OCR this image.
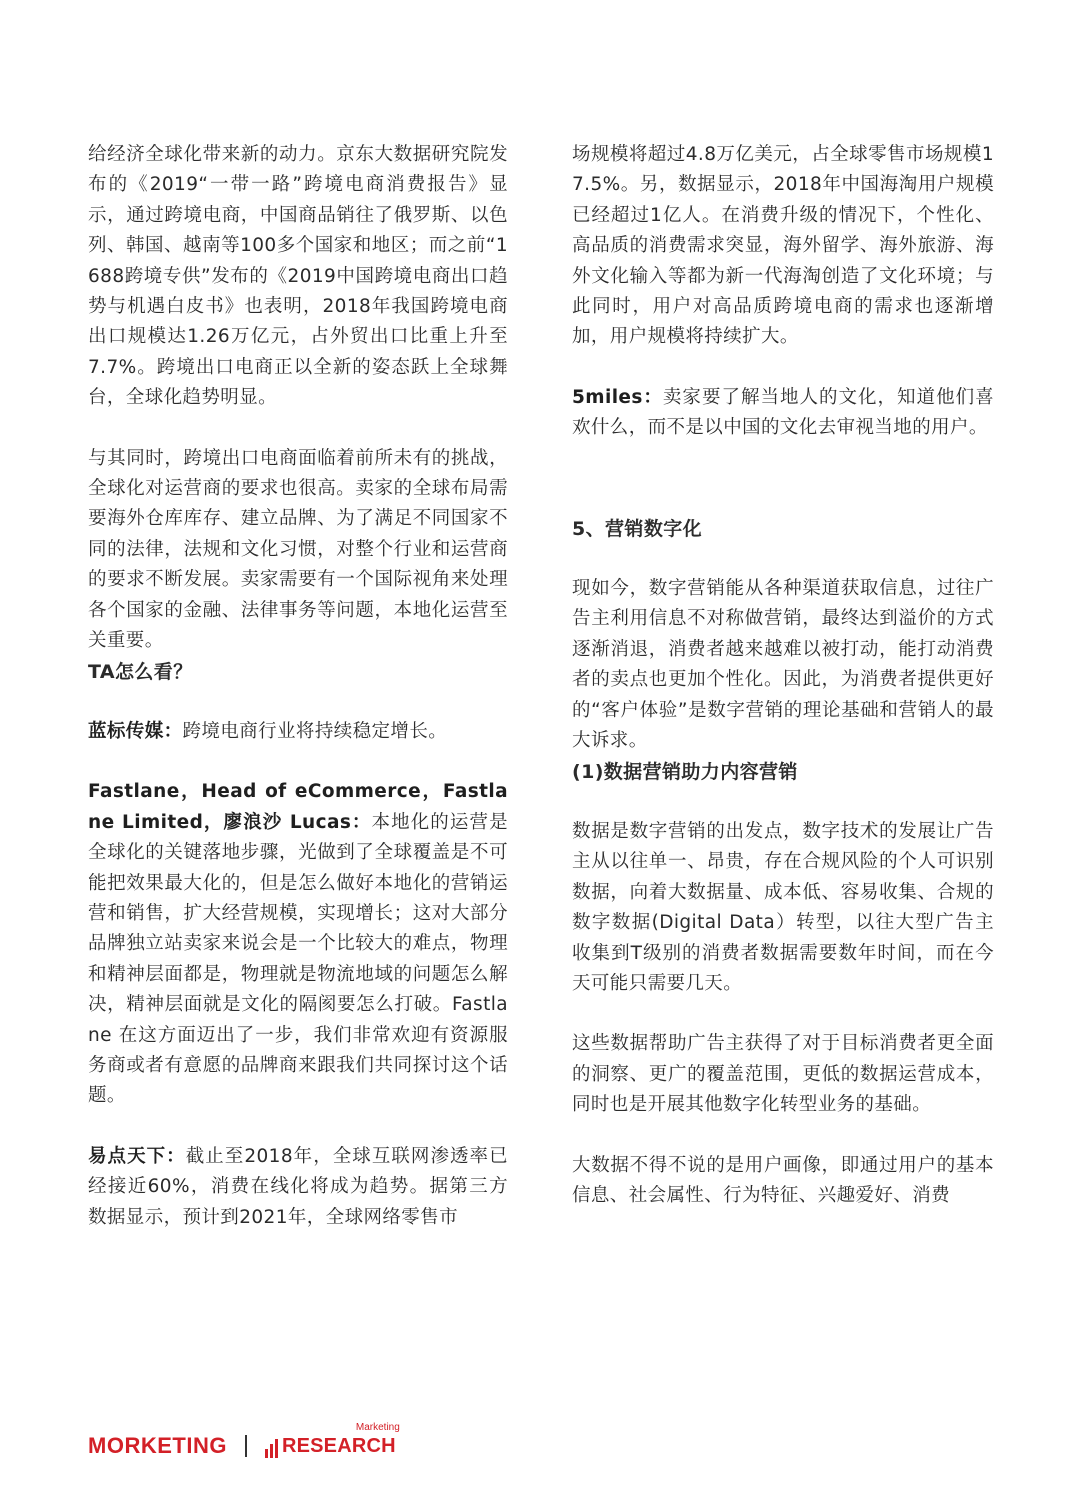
给经济全球化带来新的动力。京东大数据研究院发布的《2019“一带一路”跨境电商消费报告》显示，通过跨境电商，中国商品销往了俄罗斯、以色列、韩国、越南等100多个国家和地区；而之前“1688跨境专供”发布的《2019中国跨境电商出口趋势与机遇白皮书》也表明，2018年我国跨境电商出口规模达1.26万亿元，占外贸出口比重上升至7.7%。跨境出口电商正以全新的姿态跃上全球舞台，全球化趋势明显。

与其同时，跨境出口电商面临着前所未有的挑战，全球化对运营商的要求也很高。卖家的全球布局需要海外仓库库存、建立品牌、为了满足不同国家不同的法律，法规和文化习惯，对整个行业和运营商的要求不断发展。卖家需要有一个国际视角来处理各个国家的金融、法律事务等问题，本地化运营至关重要。

TA怎么看？

蓝标传媒：跨境电商行业将持续稳定增长。

Fastlane，Head of eCommerce，Fastlane Limited，廖浪沙 Lucas：本地化的运营是全球化的关键落地步骤，光做到了全球覆盖是不可能把效果最大化的，但是怎么做好本地化的营销运营和销售，扩大经营规模，实现增长；这对大部分品牌独立站卖家来说会是一个比较大的难点，物理和精神层面都是，物理就是物流地域的问题怎么解决，精神层面就是文化的隔阂要怎么打破。Fastlane 在这方面迈出了一步，我们非常欢迎有资源服务商或者有意愿的品牌商来跟我们共同探讨这个话题。

易点天下：截止至2018年，全球互联网渗透率已经接近60%，消费在线化将成为趋势。据第三方数据显示，预计到2021年，全球网络零售市

场规模将超过4.8万亿美元，占全球零售市场规模17.5%。另，数据显示，2018年中国海淘用户规模已经超过1亿人。在消费升级的情况下，个性化、高品质的消费需求突显，海外留学、海外旅游、海外文化输入等都为新一代海淘创造了文化环境；与此同时，用户对高品质跨境电商的需求也逐渐增加，用户规模将持续扩大。

5miles：卖家要了解当地人的文化，知道他们喜欢什么，而不是以中国的文化去审视当地的用户。

5、营销数字化

现如今，数字营销能从各种渠道获取信息，过往广告主利用信息不对称做营销，最终达到溢价的方式逐渐消退，消费者越来越难以被打动，能打动消费者的卖点也更加个性化。因此，为消费者提供更好的“客户体验”是数字营销的理论基础和营销人的最大诉求。

(1)数据营销助力内容营销

数据是数字营销的出发点，数字技术的发展让广告主从以往单一、昂贵，存在合规风险的个人可识别数据，向着大数据量、成本低、容易收集、合规的数字数据(Digital Data）转型，以往大型广告主收集到T级别的消费者数据需要数年时间，而在今天可能只需要几天。

这些数据帮助广告主获得了对于目标消费者更全面的洞察、更广的覆盖范围，更低的数据运营成本，同时也是开展其他数字化转型业务的基础。

大数据不得不说的是用户画像，即通过用户的基本信息、社会属性、行为特征、兴趣爱好、消费

MORKETING	RESEARCH
Marketing
